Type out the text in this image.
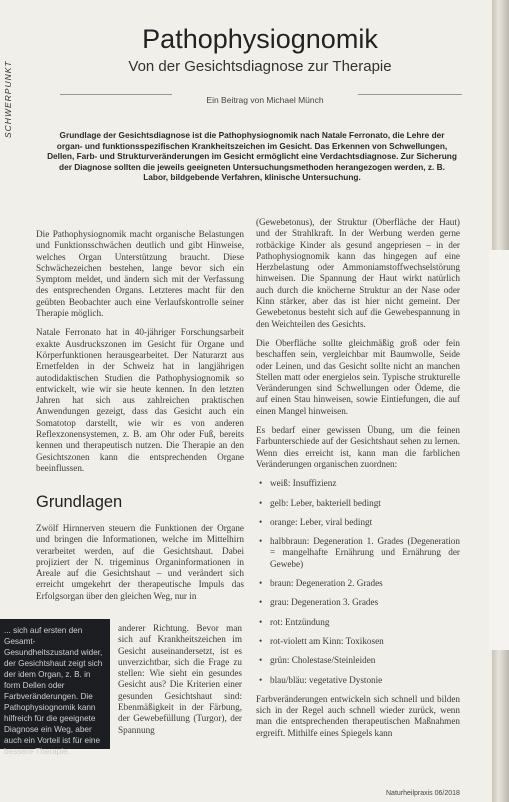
SCHWERPUNKT
Pathophysiognomik
Von der Gesichtsdiagnose zur Therapie
Ein Beitrag von Michael Münch
Grundlage der Gesichtsdiagnose ist die Pathophysiognomik nach Natale Ferronato, die Lehre der organ- und funktionsspezifischen Krankheitszeichen im Gesicht. Das Erkennen von Schwellungen, Dellen, Farb- und Strukturveränderungen im Gesicht ermöglicht eine Verdachtsdiagnose. Zur Sicherung der Diagnose sollten die jeweils geeigneten Untersuchungsmethoden herangezogen werden, z. B. Labor, bildgebende Verfahren, klinische Untersuchung.

Die Pathophysiognomik macht organische Belastungen und Funktionsschwächen deutlich und gibt Hinweise, welches Organ Unterstützung braucht. Diese Schwächezeichen bestehen, lange bevor sich ein Symptom meldet, und ändern sich mit der Verfassung des entsprechenden Organs. Letzteres macht für den geübten Beobachter auch eine Verlaufskontrolle seiner Therapie möglich.

Natale Ferronato hat in 40-jähriger Forschungsarbeit exakte Ausdruckszonen im Gesicht für Organe und Körperfunktionen herausgearbeitet. Der Naturarzt aus Ernetfelden in der Schweiz hat in langjährigen autodidaktischen Studien die Pathophysiognomik so entwickelt, wie wir sie heute kennen. In den letzten Jahren hat sich aus zahlreichen praktischen Anwendungen gezeigt, dass das Gesicht auch ein Somatotop darstellt, wie wir es von anderen Reflexzonensystemen, z. B. am Ohr oder Fuß, bereits kennen und therapeutisch nutzen. Die Therapie an den Gesichtszonen kann die entsprechenden Organe beeinflussen.

Grundlagen

Zwölf Hirnnerven steuern die Funktionen der Organe und bringen die Informationen, welche im Mittelhirn verarbeitet werden, auf die Gesichtshaut. Dabei projiziert der N. trigeminus Organinformationen in Areale auf die Gesichtshaut – und verändert sich erreicht umgekehrt der therapeutische Impuls das Erfolgsorgan über den gleichen Weg, nur in

... sich auf ersten den Gesamt-Gesundheitszustand wider, der Gesichtshaut zeigt sich der idem Organ, z. B. in form Dellen oder Farbveränderungen. Die Pathophysiognomik kann hilfreich für die geeignete Diagnose ein Weg, aber auch ein Vorteil ist für eine bessere Therapie.

anderer Richtung. Bevor man sich auf Krankheitszeichen im Gesicht auseinandersetzt, ist es unverzichtbar, sich die Frage zu stellen: Wie sieht ein gesundes Gesicht aus? Die Kriterien einer gesunden Gesichtshaut sind: Ebenmäßigkeit in der Färbung, der Gewebefüllung (Turgor), der Spannung

(Gewebetonus), der Struktur (Oberfläche der Haut) und der Strahlkraft. In der Werbung werden gerne rotbäckige Kinder als gesund angepriesen – in der Pathophysiognomik kann das hingegen auf eine Herzbelastung oder Ammoniamstoffwechselstörung hinweisen. Die Spannung der Haut wirkt natürlich auch durch die knöcherne Struktur an der Nase oder Kinn stärker, aber das ist hier nicht gemeint. Der Gewebetonus besteht sich auf die Gewebespannung in den Weichteilen des Gesichts.

Die Oberfläche sollte gleichmäßig groß oder fein beschaffen sein, vergleichbar mit Baumwolle, Seide oder Leinen, und das Gesicht sollte nicht an manchen Stellen matt oder energielos sein. Typische strukturelle Veränderungen sind Schwellungen oder Ödeme, die auf einen Stau hinweisen, sowie Eintiefungen, die auf einen Mangel hinweisen.

Es bedarf einer gewissen Übung, um die feinen Farbunterschiede auf der Gesichtshaut sehen zu lernen. Wenn dies erreicht ist, kann man die farblichen Veränderungen organischen zuordnen:

• weiß: Insuffizienz
• gelb: Leber, bakteriell bedingt
• orange: Leber, viral bedingt
• halbbraun: Degeneration 1. Grades (Degeneration = mangelhafte Ernährung und Ernährung der Gewebe)
• braun: Degeneration 2. Grades
• grau: Degeneration 3. Grades
• rot: Entzündung
• rot-violett am Kinn: Toxikosen
• grün: Cholestase/Steinleiden
• blau/bläu: vegetative Dystonie

Farbveränderungen entwickeln sich schnell und bilden sich in der Regel auch schnell wieder zurück, wenn man die entsprechenden therapeutischen Maßnahmen ergreift. Mithilfe eines Spiegels kann

Naturheilpraxis 06/2018
